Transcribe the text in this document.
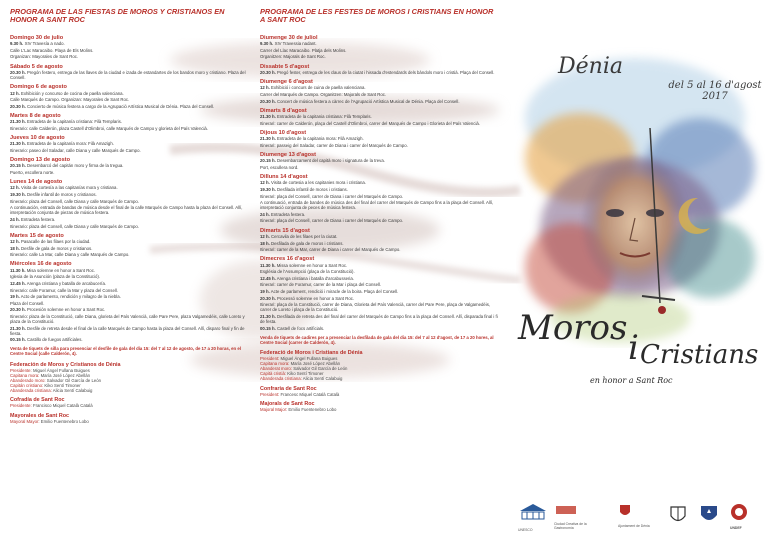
PROGRAMA DE LAS FIESTAS DE MOROS Y CRISTIANOS EN HONOR A SANT ROC
Domingo 30 de julio
9.30 h. XIV Travesía a nado.
Calle L'Lac Maracaibo. Playa de Els Molins.
Organizan: Mayorales de Sant Roc.
Sábado 5 de agosto
20.30 h. Pregón festero, entrega de las llaves de la ciudad e izada de estandartes de los bandos moro y cristiano. Plaza del Consell.
Domingo 6 de agosto
12 h. Exhibición y concurso de cocina de paella valenciana.
Calle Marqués de Campo. Organizan: Mayorales de Sant Roc.
20.30 h. Concierto de música festera a cargo de la Agrupació Artística Musical de Dénia. Plaza del Consell.
Martes 8 de agosto
21.30 h. Entradeta de la capitanía cristiana: Filà Templaris.
Itinerario: calle Calderón, plaza Castell d'Olimbroi, calle Marqués de Campo y glorieta del País Valencià.
Jueves 10 de agosto
21.30 h. Entradeta de la capitanía mora: Filà Amazigh.
Itinerario: paseo del Saladar, calle Diana y calle Marqués de Campo.
Domingo 13 de agosto
20.15 h. Desembarcó del capitán moro y firma de la tregua.
Puerto, escollera norte.
Lunes 14 de agosto
12 h. Visita de cortesía a las capitanías mora y cristiana.
19.30 h. Desfile infantil de moros y cristianos.
Itinerario: plaza del Consell, calle Diana y calle Marqués de Campo.
A continuación, entrada de bandas de música desde el final de la calle Marqués de Campo hasta la plaza del Consell. Allí, interpretación conjunta de piezas de música festera.
24 h. Entradeta festera.
Itinerario: plaza del Consell, calle Diana y calle Marqués de Campo.
Martes 15 de agosto
12 h. Pasacalle de las filaes por la ciudad.
18 h. Desfile de gala de moros y cristianos.
Itinerario: calle La Mar, calle Diana y calle Marqués de Campo.
Miércoles 16 de agosto
11.30 h. Misa solemne en honor a Sant Roc.
Iglesia de la Asunción (plaza de la Constitució).
12.45 h. Arenga cristiana y batalla de arcabucería.
Itinerario: calle Foramur, calle la Mar y plaza del Consell.
19 h. Acto de parlamento, rendición y milagro de la niebla.
Plaza del Consell.
20.30 h. Procesión solemne en honor a Sant Roc.
Itinerario: plaza de la Constitució, calle Diana, glorieta del País Valencià, calle Pare Pere, plaza Valgamedéis, calle Loreto y plaza de la Constitució.
21.30 h. Desfile de retreta desde el final de la calle Marqués de Campo hasta la plaza del Consell. Allí, disparo final y fin de fiesta.
00.15 h. Castillo de fuegos artificiales.
Venta de tiquets de silla para presenciar el desfile de gala del día 15: del 7 al 12 de agosto, de 17 a 20 horas, en el Centre Social (calle Calderón, 4).
Federación de Moros y Cristianos de Dénia
Presidente: Miguel Ángel Fullana Buigues
Capitana mora: María José López Abellán
Abanderado moro: Salvador Gil García de León
Capitán cristiano: Kiko Sentí Timoner
Abanderada cristiana: Alicia Sentí Calabuig
Cofradía de Sant Roc
Presidente: Francisco Miquel Català Català
Mayorales de Sant Roc
Mayoral Mayor: Emilio Fuentenebro Lobo
PROGRAMA DE LES FESTES DE MOROS I CRISTIANS EN HONOR A SANT ROC
Diumenge 30 de juliol
9.30 h. XIV Travessia nadant.
Carrer del Llac Maracaibo. Platja dels Molins.
Organitzen: Majorals de Sant Roc.
Dissabte 5 d'agost
20.30 h. Pregó fester, entrega de les claus de la ciutat i hissada d'estendards dels bàndols moro i cristià. Plaça del Consell.
Diumenge 6 d'agost
12 h. Exhibició i concurs de cuina de paella valenciana.
Carrer del Marqués de Campo. Organitzen: Majorals de Sant Roc.
20.30 h. Concert de música festera a càrrec de l'Agrupació Artística Musical de Dénia. Plaça del Consell.
Dimarts 8 d'agost
21.30 h. Entradeta de la capitania cristiana: Filà Templaris.
Itinerari: carrer de Calderón, plaça del Castell d'Olimbroi, carrer del Marqués de Campo i Glorieta del País Valencià.
Dijous 10 d'agost
21.30 h. Entradeta de la capitania mora: Filà Amazigh.
Itinerari: passeig del Saladar, carrer de Diana i carrer del Marqués de Campo.
Diumenge 13 d'agost
20.15 h. Desembarcament del capità moro i signatura de la treva.
Port, escullera nord.
Dilluns 14 d'agost
12 h. Visita de cortesia a les capitanies mora i cristiana.
19.30 h. Desfilada infantil de moros i cristians.
Itinerari: plaça del Consell, carrer de Diana i carrer del Marqués de Campo.
A continuació, entrada de bandes de música des del final del carrer del Marqués de Campo fins a la plaça del Consell. Allí, interpretació conjunta de peces de música festera.
24 h. Entradeta festera.
Itinerari: plaça del Consell, carrer de Diana i carrer del Marqués de Campo.
Dimarts 15 d'agost
12 h. Cercavila de les filaes per la ciutat.
18 h. Desfilada de gala de moros i cristians.
Itinerari: carrer de la Mar, carrer de Diana i carrer del Marqués de Campo.
Dimecres 16 d'agost
11.30 h. Missa solemne en honor a Sant Roc.
Església de l'Assumpció (plaça de la Constitució).
12.45 h. Arenga cristiana i batalla d'arcabusseria.
Itinerari: carrer de Foramur, carrer de la Mar i plaça del Consell.
19 h. Acte de parlament, rendició i miracle de la boira. Plaça del Consell.
20.30 h. Processó solemne en honor a Sant Roc.
Itinerari: plaça de la Constitució, carrer de Diana, Glorieta del País Valencià, carrer del Pare Pere, plaça de Valgamedéis, carrer de Loreto i plaça de la Constitució.
21.30 h. Desfilada de retreta des del final del carrer del Marqués de Campo fins a la plaça del Consell. Allí, disparada final i fi de festa.
00.15 h. Castell de focs artificials.
Venda de tiquets de cadires per a presenciar la desfilada de gala del dia 15: del 7 al 12 d'agost, de 17 a 20 hores, al Centre Social (carrer de Calderón, 4).
Federació de Moros i Cristians de Dénia
President: Miguel Ángel Fullana Buigues
Capitana mora: María José López Abellán
Abanderat moro: Salvador Gil García de León
Capità cristià: Kiko Sentí Timoner
Abanderada cristiana: Alicia Sentí Calabuig
Confraria de Sant Roc
President: Francesc Miquel Català Català
Majorals de Sant Roc
Majoral Major: Emilio Fuentenebro Lobo
Dénia
del 5 al 16 d'agost 2017
Moros i Cristians
en honor a Sant Roc
UNESCO
Ciudad Creativa de la Gastronomía	Ajuntament de Dénia	UNDEF
